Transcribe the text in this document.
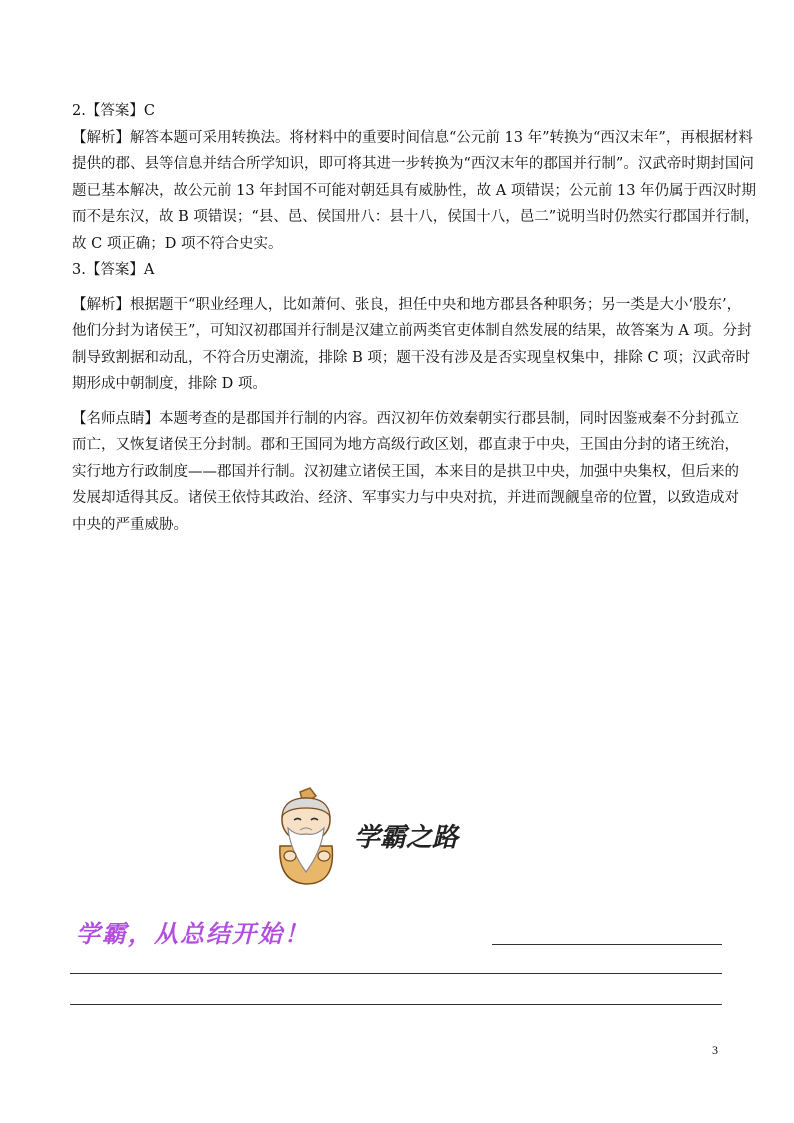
2.【答案】C
【解析】解答本题可采用转换法。将材料中的重要时间信息“公元前 13 年”转换为“西汉末年”，再根据材料
提供的郡、县等信息并结合所学知识，即可将其进一步转换为“西汉末年的郡国并行制”。汉武帝时期封国问
题已基本解决，故公元前 13 年封国不可能对朝廷具有威胁性，故 A 项错误；公元前 13 年仍属于西汉时期
而不是东汉，故 B 项错误；“县、邑、侯国卅八：县十八，侯国十八，邑二”说明当时仍然实行郡国并行制，
故 C 项正确；D 项不符合史实。
3.【答案】A
【解析】根据题干“职业经理人，比如萧何、张良，担任中央和地方郡县各种职务；另一类是大小‘股东’，
他们分封为诸侯王”，可知汉初郡国并行制是汉建立前两类官吏体制自然发展的结果，故答案为 A 项。分封
制导致割据和动乱，不符合历史潮流，排除 B 项；题干没有涉及是否实现皇权集中，排除 C 项；汉武帝时
期形成中朝制度，排除 D 项。
【名师点睛】本题考查的是郡国并行制的内容。西汉初年仿效秦朝实行郡县制，同时因鉴戒秦不分封孤立
而亡，又恢复诸侯王分封制。郡和王国同为地方高级行政区划，郡直隶于中央，王国由分封的诸王统治，
实行地方行政制度——郡国并行制。汉初建立诸侯王国，本来目的是拱卫中央，加强中央集权，但后来的
发展却适得其反。诸侯王依恃其政治、经济、军事实力与中央对抗，并进而觊觎皇帝的位置，以致造成对
中央的严重威胁。
学霸之路
学霸，从总结开始！
3
